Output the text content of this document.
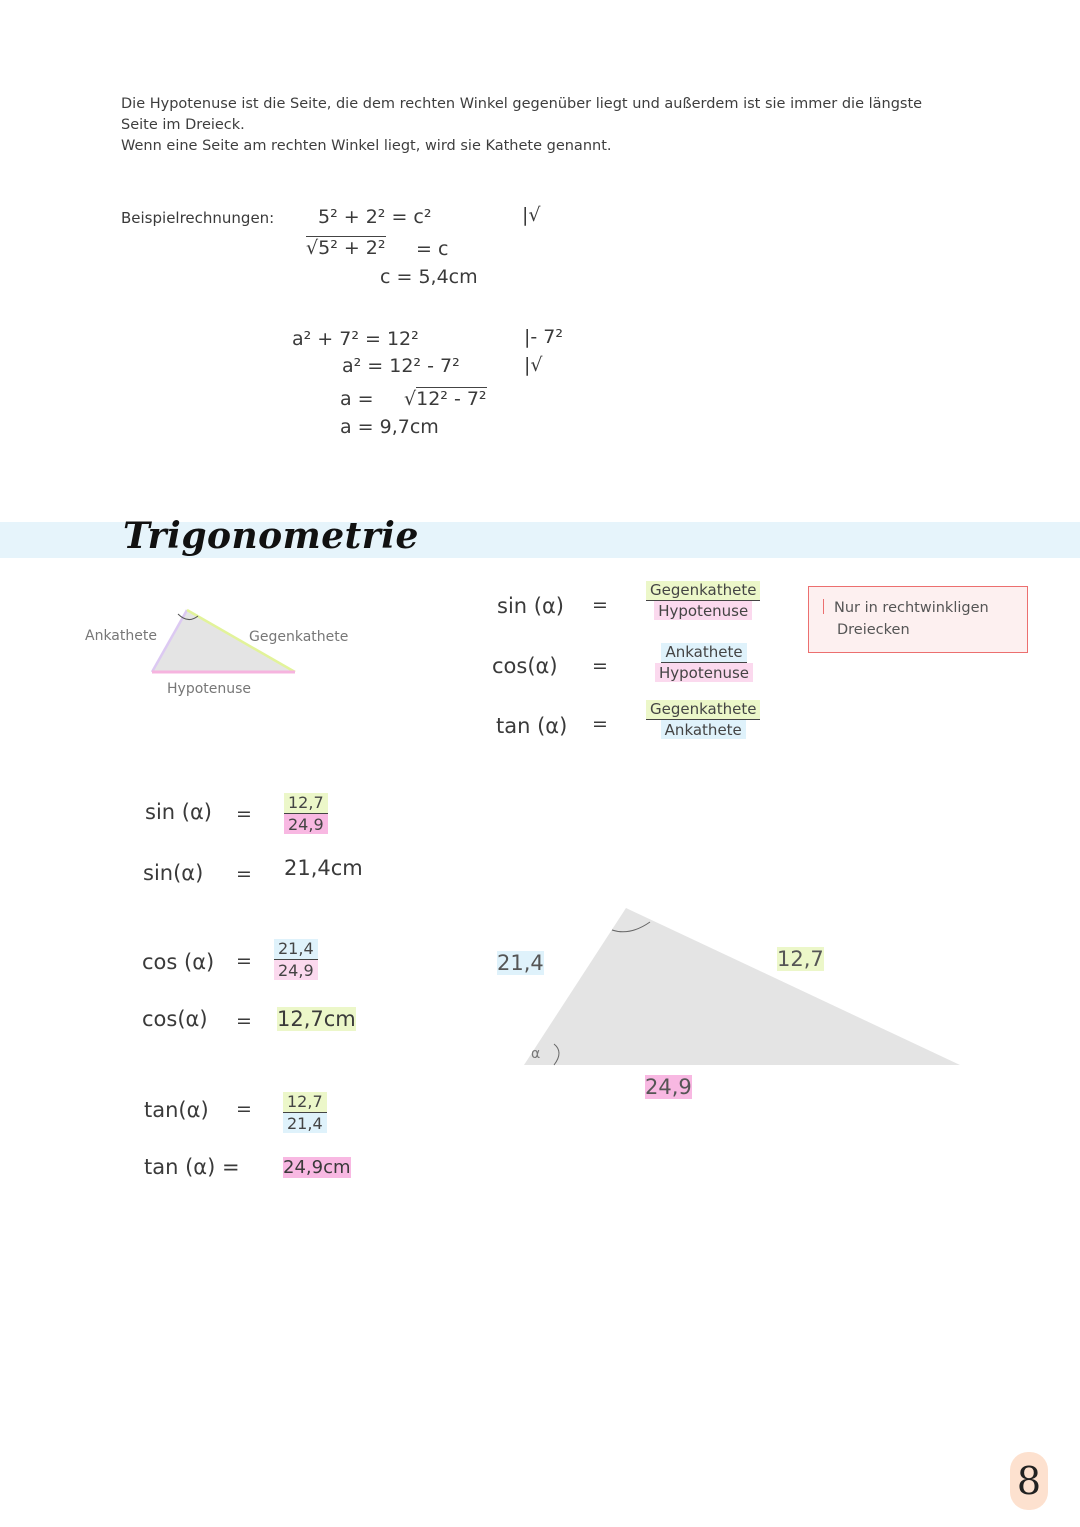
Die Hypotenuse ist die Seite, die dem rechten Winkel gegenüber liegt und außerdem ist sie immer die längste
Seite im Dreieck.
Wenn eine Seite am rechten Winkel liegt, wird sie Kathete genannt.
Beispielrechnungen: 5² + 2² = c²	|√
√5² + 2² = c
c = 5,4cm
a² + 7² = 12²	|- 7²
a² = 12² - 7²	|√
a = √12² - 7²
a = 9,7cm
Trigonometrie
Ankathete	Gegenkathete
Hypotenuse
sin (α) =
Gegenkathete
Hypotenuse
cos(α) =
Ankathete
Hypotenuse
tan (α) =
Gegenkathete
Ankathete
Nur in rechtwinkligen
Dreiecken
$\sin (\alpha) = \frac{12,7}{24,9}$
sin(α) = 21,4cm
$\cos (\alpha) = \frac{21,4}{24,9}$
cos(α) = 12,7cm
$\tan(\alpha) = \frac{12,7}{21,4}$
tan (α) = 24,9cm
α
21,4	12,7
24,9
8
